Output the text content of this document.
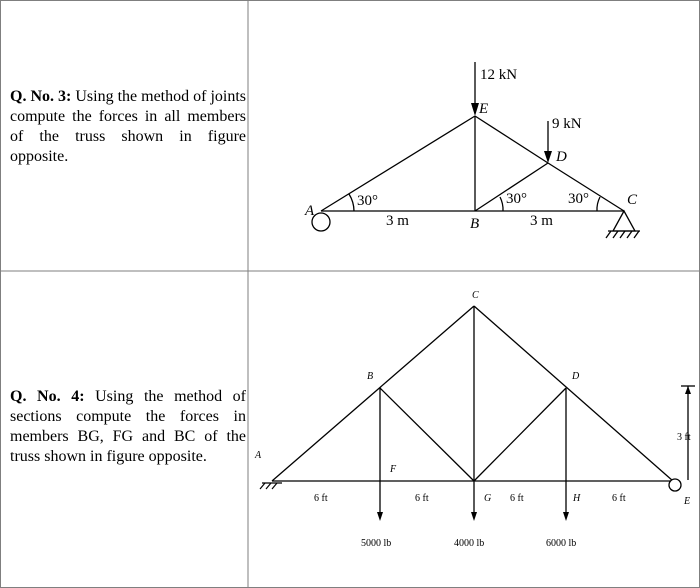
Q. No. 3: Using the method of joints compute the forces in all members of the truss shown in figure opposite.
Q. No. 4: Using the method of sections compute the forces in members BG, FG and BC of the truss shown in figure opposite.
12 kN
9 kN
E
D
A
B
C
30°	30°	30°
3 m	3 m
C
B	D
A
F
G	H	E
6 ft	6 ft	6 ft	6 ft
3 ft
5000 lb	4000 lb	6000 lb
